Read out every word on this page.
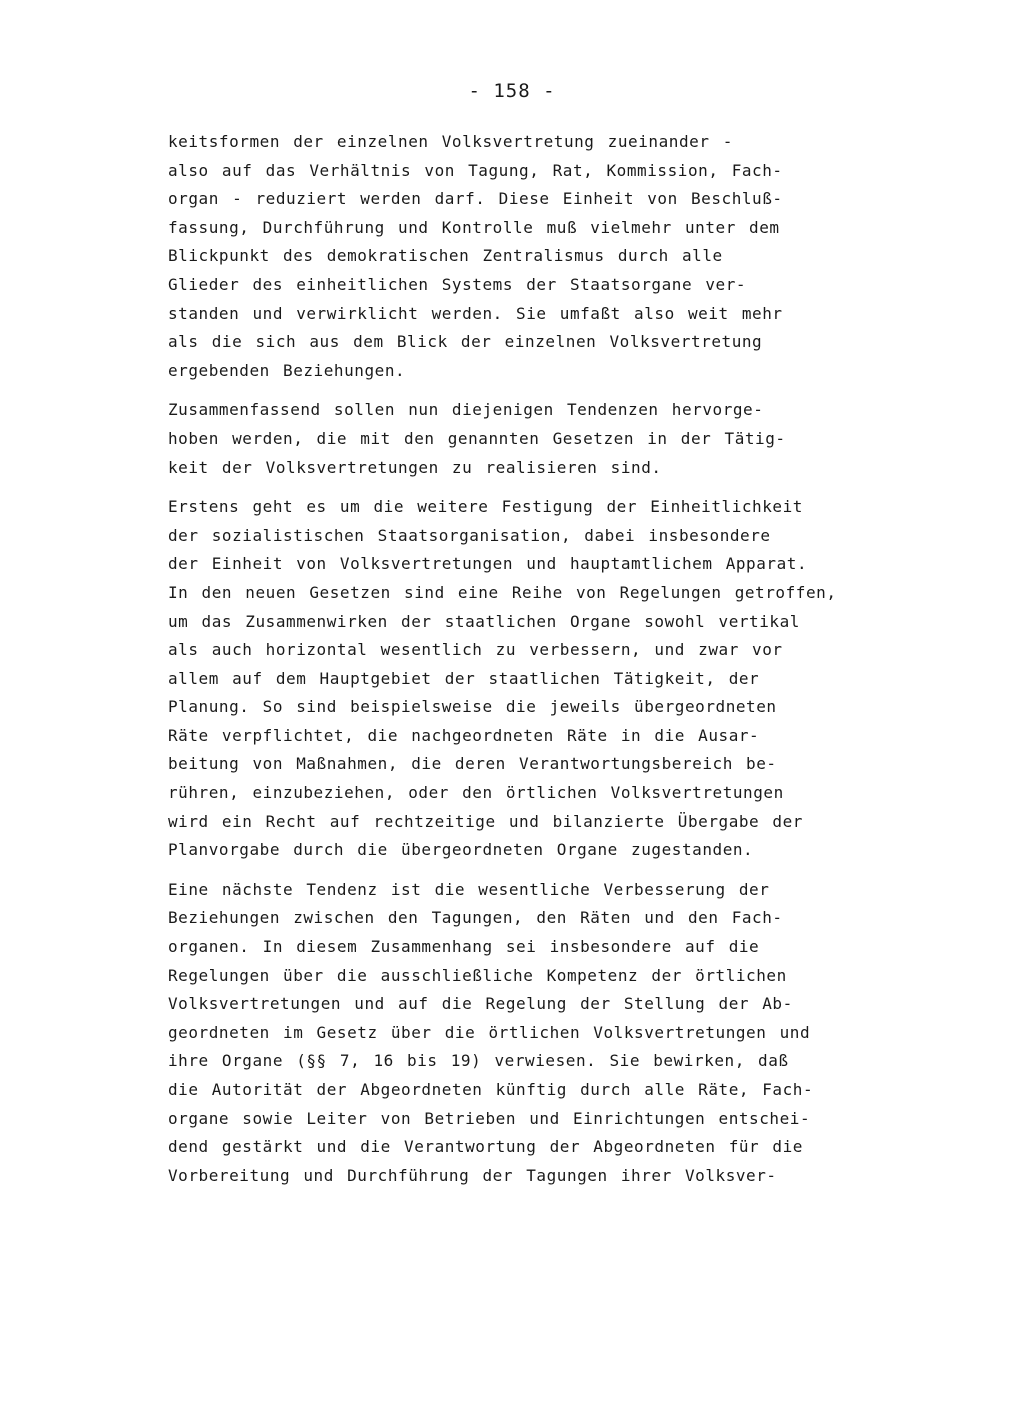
- 158 -
keitsformen der einzelnen Volksvertretung zueinander -
also auf das Verhältnis von Tagung, Rat, Kommission, Fach-
organ - reduziert werden darf. Diese Einheit von Beschluß-
fassung, Durchführung und Kontrolle muß vielmehr unter dem
Blickpunkt des demokratischen Zentralismus durch alle
Glieder des einheitlichen Systems der Staatsorgane ver-
standen und verwirklicht werden. Sie umfaßt also weit mehr
als die sich aus dem Blick der einzelnen Volksvertretung
ergebenden Beziehungen.
Zusammenfassend sollen nun diejenigen Tendenzen hervorge-
hoben werden, die mit den genannten Gesetzen in der Tätig-
keit der Volksvertretungen zu realisieren sind.
Erstens geht es um die weitere Festigung der Einheitlichkeit
der sozialistischen Staatsorganisation, dabei insbesondere
der Einheit von Volksvertretungen und hauptamtlichem Apparat.
In den neuen Gesetzen sind eine Reihe von Regelungen getroffen,
um das Zusammenwirken der staatlichen Organe sowohl vertikal
als auch horizontal wesentlich zu verbessern, und zwar vor
allem auf dem Hauptgebiet der staatlichen Tätigkeit, der
Planung. So sind beispielsweise die jeweils übergeordneten
Räte verpflichtet, die nachgeordneten Räte in die Ausar-
beitung von Maßnahmen, die deren Verantwortungsbereich be-
rühren, einzubeziehen, oder den örtlichen Volksvertretungen
wird ein Recht auf rechtzeitige und bilanzierte Übergabe der
Planvorgabe durch die übergeordneten Organe zugestanden.
Eine nächste Tendenz ist die wesentliche Verbesserung der
Beziehungen zwischen den Tagungen, den Räten und den Fach-
organen. In diesem Zusammenhang sei insbesondere auf die
Regelungen über die ausschließliche Kompetenz der örtlichen
Volksvertretungen und auf die Regelung der Stellung der Ab-
geordneten im Gesetz über die örtlichen Volksvertretungen und
ihre Organe (§§ 7, 16 bis 19) verwiesen. Sie bewirken, daß
die Autorität der Abgeordneten künftig durch alle Räte, Fach-
organe sowie Leiter von Betrieben und Einrichtungen entschei-
dend gestärkt und die Verantwortung der Abgeordneten für die
Vorbereitung und Durchführung der Tagungen ihrer Volksver-
